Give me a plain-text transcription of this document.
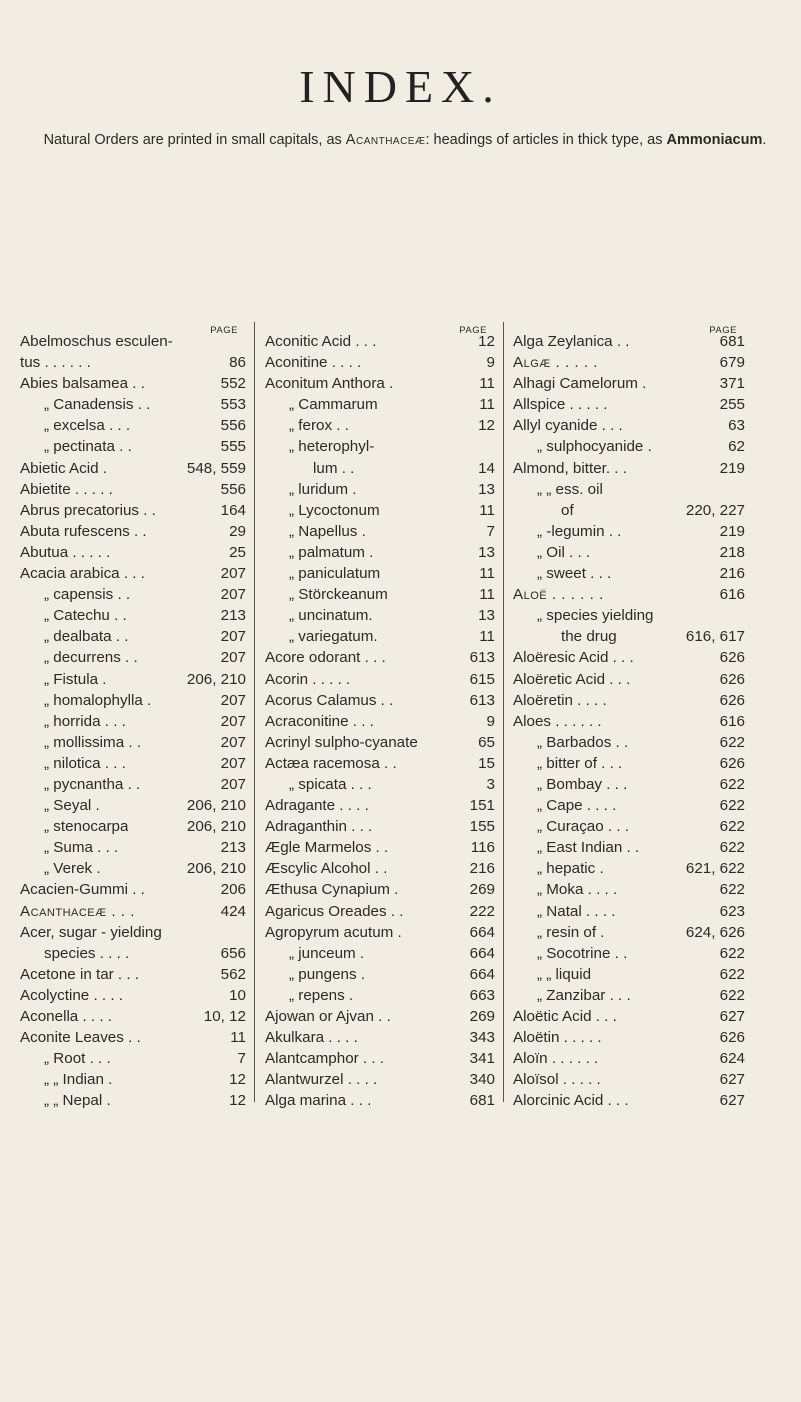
INDEX.
Natural Orders are printed in small capitals, as Acanthaceæ: headings of articles in thick type, as Ammoniacum.
PAGE
Abelmoschus esculen-
tus . . . . . .	86
Abies balsamea . .	552
„ Canadensis . .	553
„ excelsa . . .	556
„ pectinata . .	555
Abietic Acid .	548, 559
Abietite . . . . .	556
Abrus precatorius . .	164
Abuta rufescens . .	29
Abutua . . . . .	25
Acacia arabica . . .	207
„ capensis . .	207
„ Catechu . .	213
„ dealbata . .	207
„ decurrens . .	207
„ Fistula .	206, 210
„ homalophylla .	207
„ horrida . . .	207
„ mollissima . .	207
„ nilotica . . .	207
„ pycnantha . .	207
„ Seyal .	206, 210
„ stenocarpa	206, 210
„ Suma . . .	213
„ Verek .	206, 210
Acacien-Gummi . .	206
Acanthaceæ . . .	424
Acer, sugar - yielding
species . . . .	656
Acetone in tar . . .	562
Acolyctine . . . .	10
Aconella . . . .	10, 12
Aconite Leaves . .	11
„ Root . . .	7
„ „ Indian .	12
„ „ Nepal .	12
PAGE
Aconitic Acid . . .	12
Aconitine . . . .	9
Aconitum Anthora .	11
„ Cammarum	11
„ ferox . .	12
„ heterophyl-
lum . .	14
„ luridum .	13
„ Lycoctonum	11
„ Napellus .	7
„ palmatum .	13
„ paniculatum	11
„ Störckeanum	11
„ uncinatum.	13
„ variegatum.	11
Acore odorant . . .	613
Acorin . . . . .	615
Acorus Calamus . .	613
Acraconitine . . .	9
Acrinyl sulpho-cyanate	65
Actæa racemosa . .	15
„ spicata . . .	3
Adragante . . . .	151
Adraganthin . . .	155
Ægle Marmelos . .	116
Æscylic Alcohol . .	216
Æthusa Cynapium .	269
Agaricus Oreades . .	222
Agropyrum acutum .	664
„ junceum .	664
„ pungens .	664
„ repens .	663
Ajowan or Ajvan . .	269
Akulkara . . . .	343
Alantcamphor . . .	341
Alantwurzel . . . .	340
Alga marina . . .	681
PAGE
Alga Zeylanica . .	681
Algæ . . . . .	679
Alhagi Camelorum .	371
Allspice . . . . .	255
Allyl cyanide . . .	63
„ sulphocyanide .	62
Almond, bitter. . .	219
„ „ ess. oil
of	220, 227
„ -legumin . .	219
„ Oil . . .	218
„ sweet . . .	216
Aloë . . . . . .	616
„ species yielding
the drug	616, 617
Aloëresic Acid . . .	626
Aloëretic Acid . . .	626
Aloëretin . . . .	626
Aloes . . . . . .	616
„ Barbados . .	622
„ bitter of . . .	626
„ Bombay . . .	622
„ Cape . . . .	622
„ Curaçao . . .	622
„ East Indian . .	622
„ hepatic .	621, 622
„ Moka . . . .	622
„ Natal . . . .	623
„ resin of .	624, 626
„ Socotrine . .	622
„ „ liquid	622
„ Zanzibar . . .	622
Aloëtic Acid . . .	627
Aloëtin . . . . .	626
Aloïn . . . . . .	624
Aloïsol . . . . .	627
Alorcinic Acid . . .	627
